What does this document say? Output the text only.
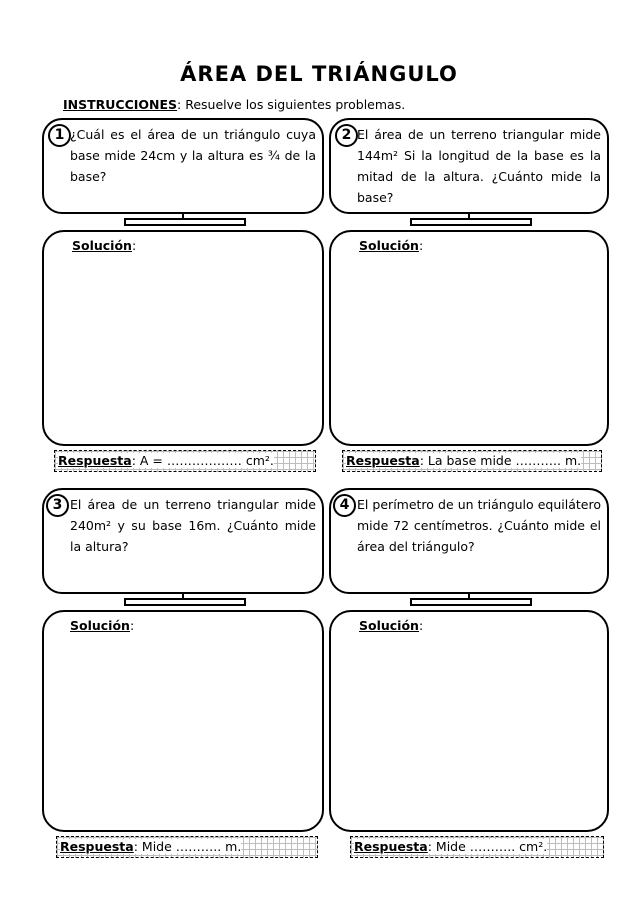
ÁREA DEL TRIÁNGULO
INSTRUCCIONES: Resuelve los siguientes problemas.
1 ¿Cuál es el área de un triángulo cuya base mide 24cm y la altura es ¾ de la base?
2 El área de un terreno triangular mide 144m² Si la longitud de la base es la mitad de la altura. ¿Cuánto mide la base?
Solución:
Respuesta: A = ……………… cm².
Solución:
Respuesta: La base mide ……….. m.
3 El área de un terreno triangular mide 240m² y su base 16m. ¿Cuánto mide la altura?
4 El perímetro de un triángulo equilátero mide 72 centímetros. ¿Cuánto mide el área del triángulo?
Solución:
Respuesta: Mide ……….. m.
Solución:
Respuesta: Mide ……….. cm².
